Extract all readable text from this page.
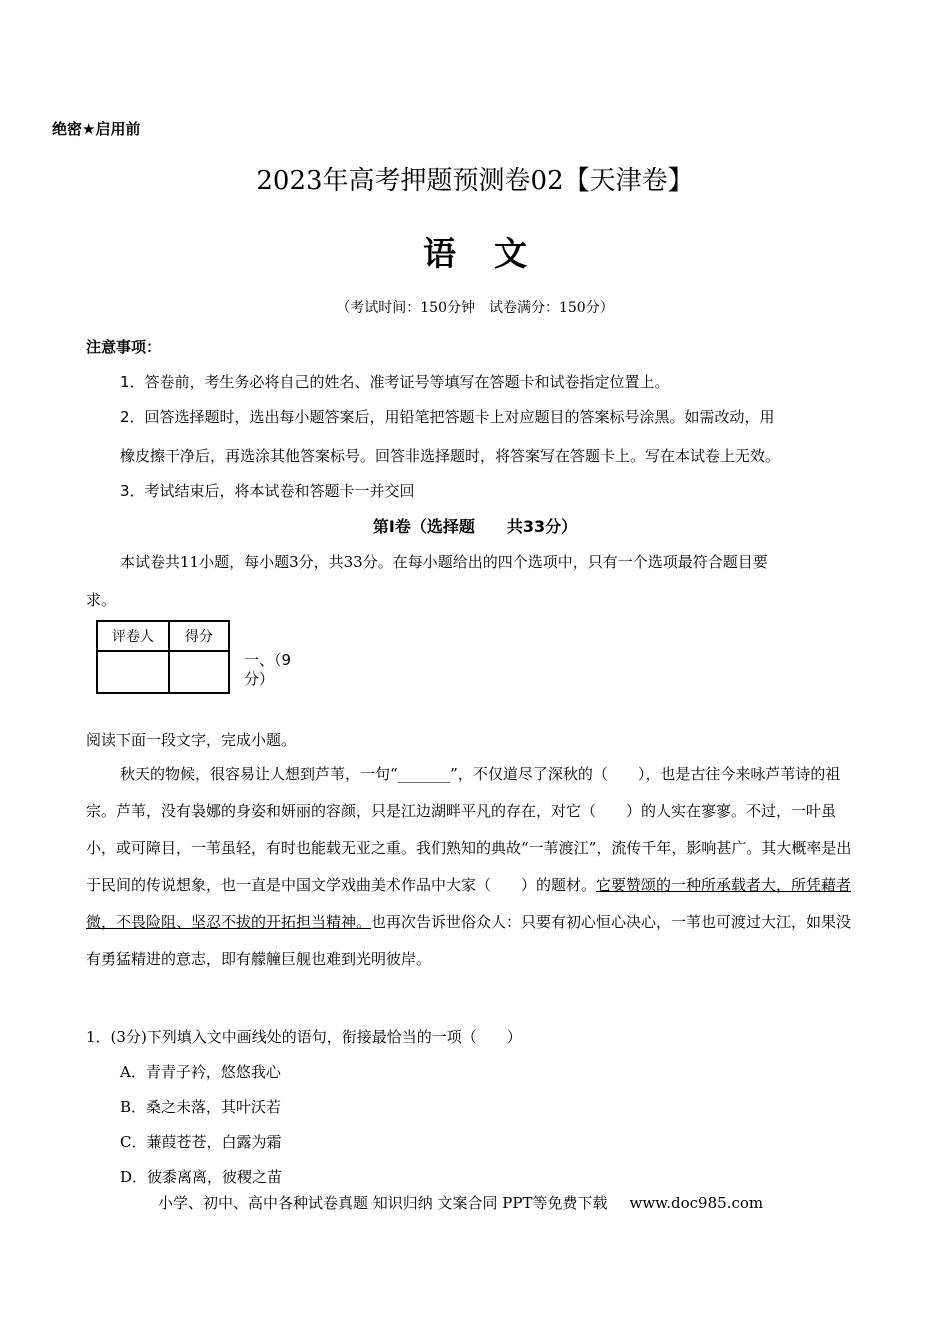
绝密★启用前
2023年高考押题预测卷02【天津卷】
语文
（考试时间：150分钟　试卷满分：150分）
注意事项：
1．答卷前，考生务必将自己的姓名、准考证号等填写在答题卡和试卷指定位置上。
2．回答选择题时，选出每小题答案后，用铅笔把答题卡上对应题目的答案标号涂黑。如需改动，用
橡皮擦干净后，再选涂其他答案标号。回答非选择题时，将答案写在答题卡上。写在本试卷上无效。
3．考试结束后，将本试卷和答题卡一并交回
第Ⅰ卷（选择题　　共33分）
本试卷共11小题，每小题3分，共33分。在每小题给出的四个选项中，只有一个选项最符合题目要
求。
评卷人	得分

一、（9分）
阅读下面一段文字，完成小题。
秋天的物候，很容易让人想到芦苇，一句“_______”，不仅道尽了深秋的（　　），也是古往今来咏芦苇诗的祖宗。芦苇，没有袅娜的身姿和妍丽的容颜，只是江边湖畔平凡的存在，对它（　　）的人实在寥寥。不过，一叶虽小，或可障目，一苇虽轻，有时也能载无亚之重。我们熟知的典故“一苇渡江”，流传千年，影响甚广。其大概率是出于民间的传说想象，也一直是中国文学戏曲美术作品中大家（　　）的题材。它要赞颂的一种所承载者大，所凭藉者微，不畏险阻、坚忍不拔的开拓担当精神。也再次告诉世俗众人：只要有初心恒心决心，一苇也可渡过大江，如果没有勇猛精进的意志，即有艨艟巨舰也难到光明彼岸。
1．(3分)下列填入文中画线处的语句，衔接最恰当的一项（　　）
A．青青子衿，悠悠我心
B．桑之未落，其叶沃若
C．蒹葭苍苍，白露为霜
D．彼黍离离，彼稷之苗
小学、初中、高中各种试卷真题 知识归纳 文案合同 PPT等免费下载 www.doc985.com
